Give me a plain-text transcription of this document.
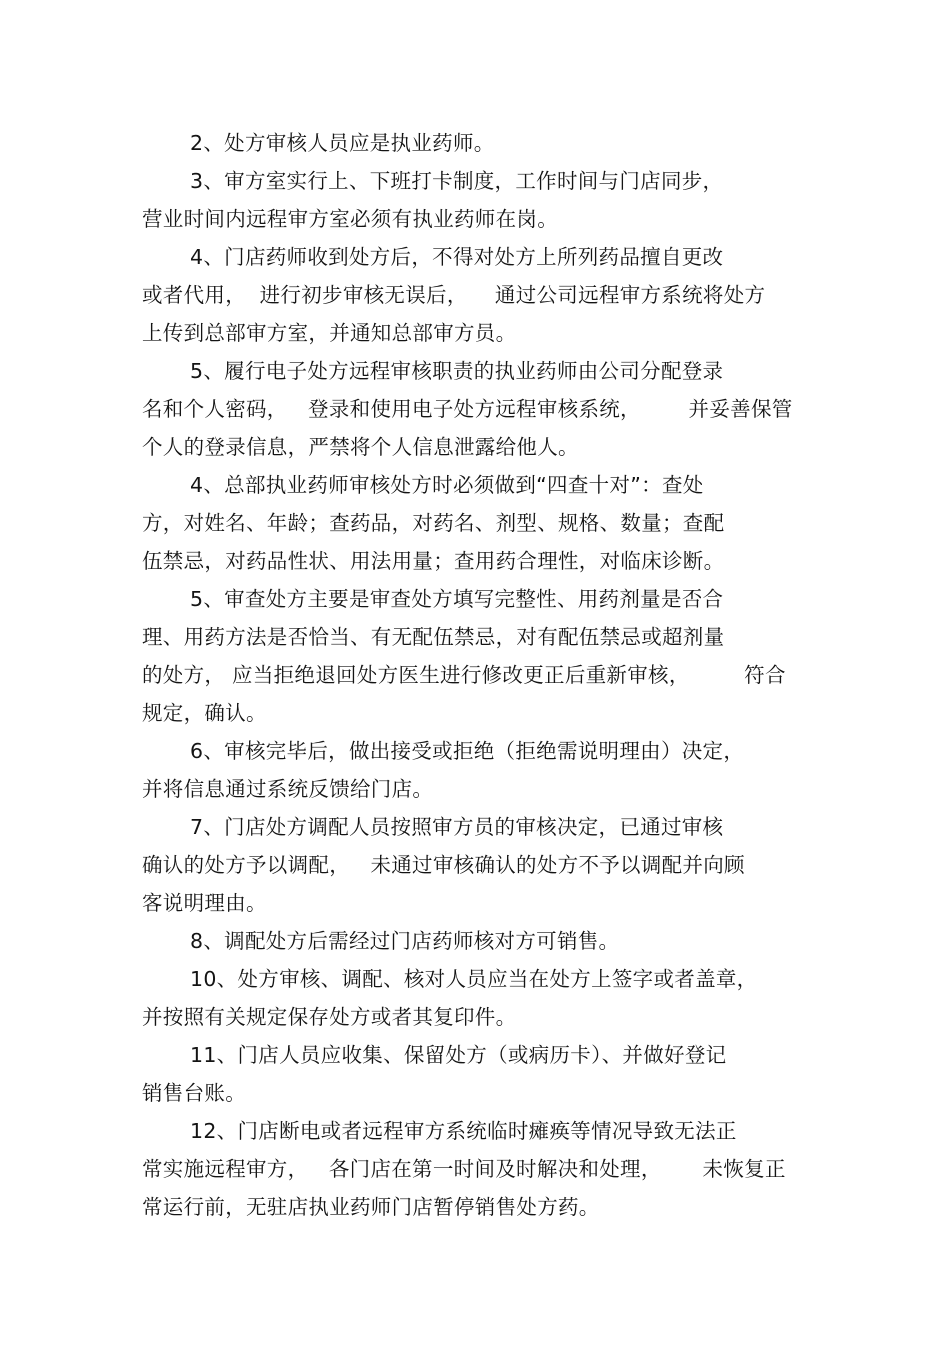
2、处方审核人员应是执业药师。
3、审方室实行上、下班打卡制度，工作时间与门店同步，
营业时间内远程审方室必须有执业药师在岗。
4、门店药师收到处方后，不得对处方上所列药品擅自更改
或者代用，  进行初步审核无误后，    通过公司远程审方系统将处方
上传到总部审方室，并通知总部审方员。
5、履行电子处方远程审核职责的执业药师由公司分配登录
名和个人密码，   登录和使用电子处方远程审核系统，       并妥善保管
个人的登录信息，严禁将个人信息泄露给他人。
4、总部执业药师审核处方时必须做到“四查十对”：查处
方，对姓名、年龄；查药品，对药名、剂型、规格、数量；查配
伍禁忌，对药品性状、用法用量；查用药合理性，对临床诊断。
5、审查处方主要是审查处方填写完整性、用药剂量是否合
理、用药方法是否恰当、有无配伍禁忌，对有配伍禁忌或超剂量
的处方， 应当拒绝退回处方医生进行修改更正后重新审核，        符合
规定，确认。
6、审核完毕后，做出接受或拒绝（拒绝需说明理由）决定，
并将信息通过系统反馈给门店。
7、门店处方调配人员按照审方员的审核决定，已通过审核
确认的处方予以调配，   未通过审核确认的处方不予以调配并向顾
客说明理由。
8、调配处方后需经过门店药师核对方可销售。
10、处方审核、调配、核对人员应当在处方上签字或者盖章，
并按照有关规定保存处方或者其复印件。
11、门店人员应收集、保留处方（或病历卡）、并做好登记
销售台账。
12、门店断电或者远程审方系统临时瘫痪等情况导致无法正
常实施远程审方，   各门店在第一时间及时解决和处理，      未恢复正
常运行前，无驻店执业药师门店暂停销售处方药。
